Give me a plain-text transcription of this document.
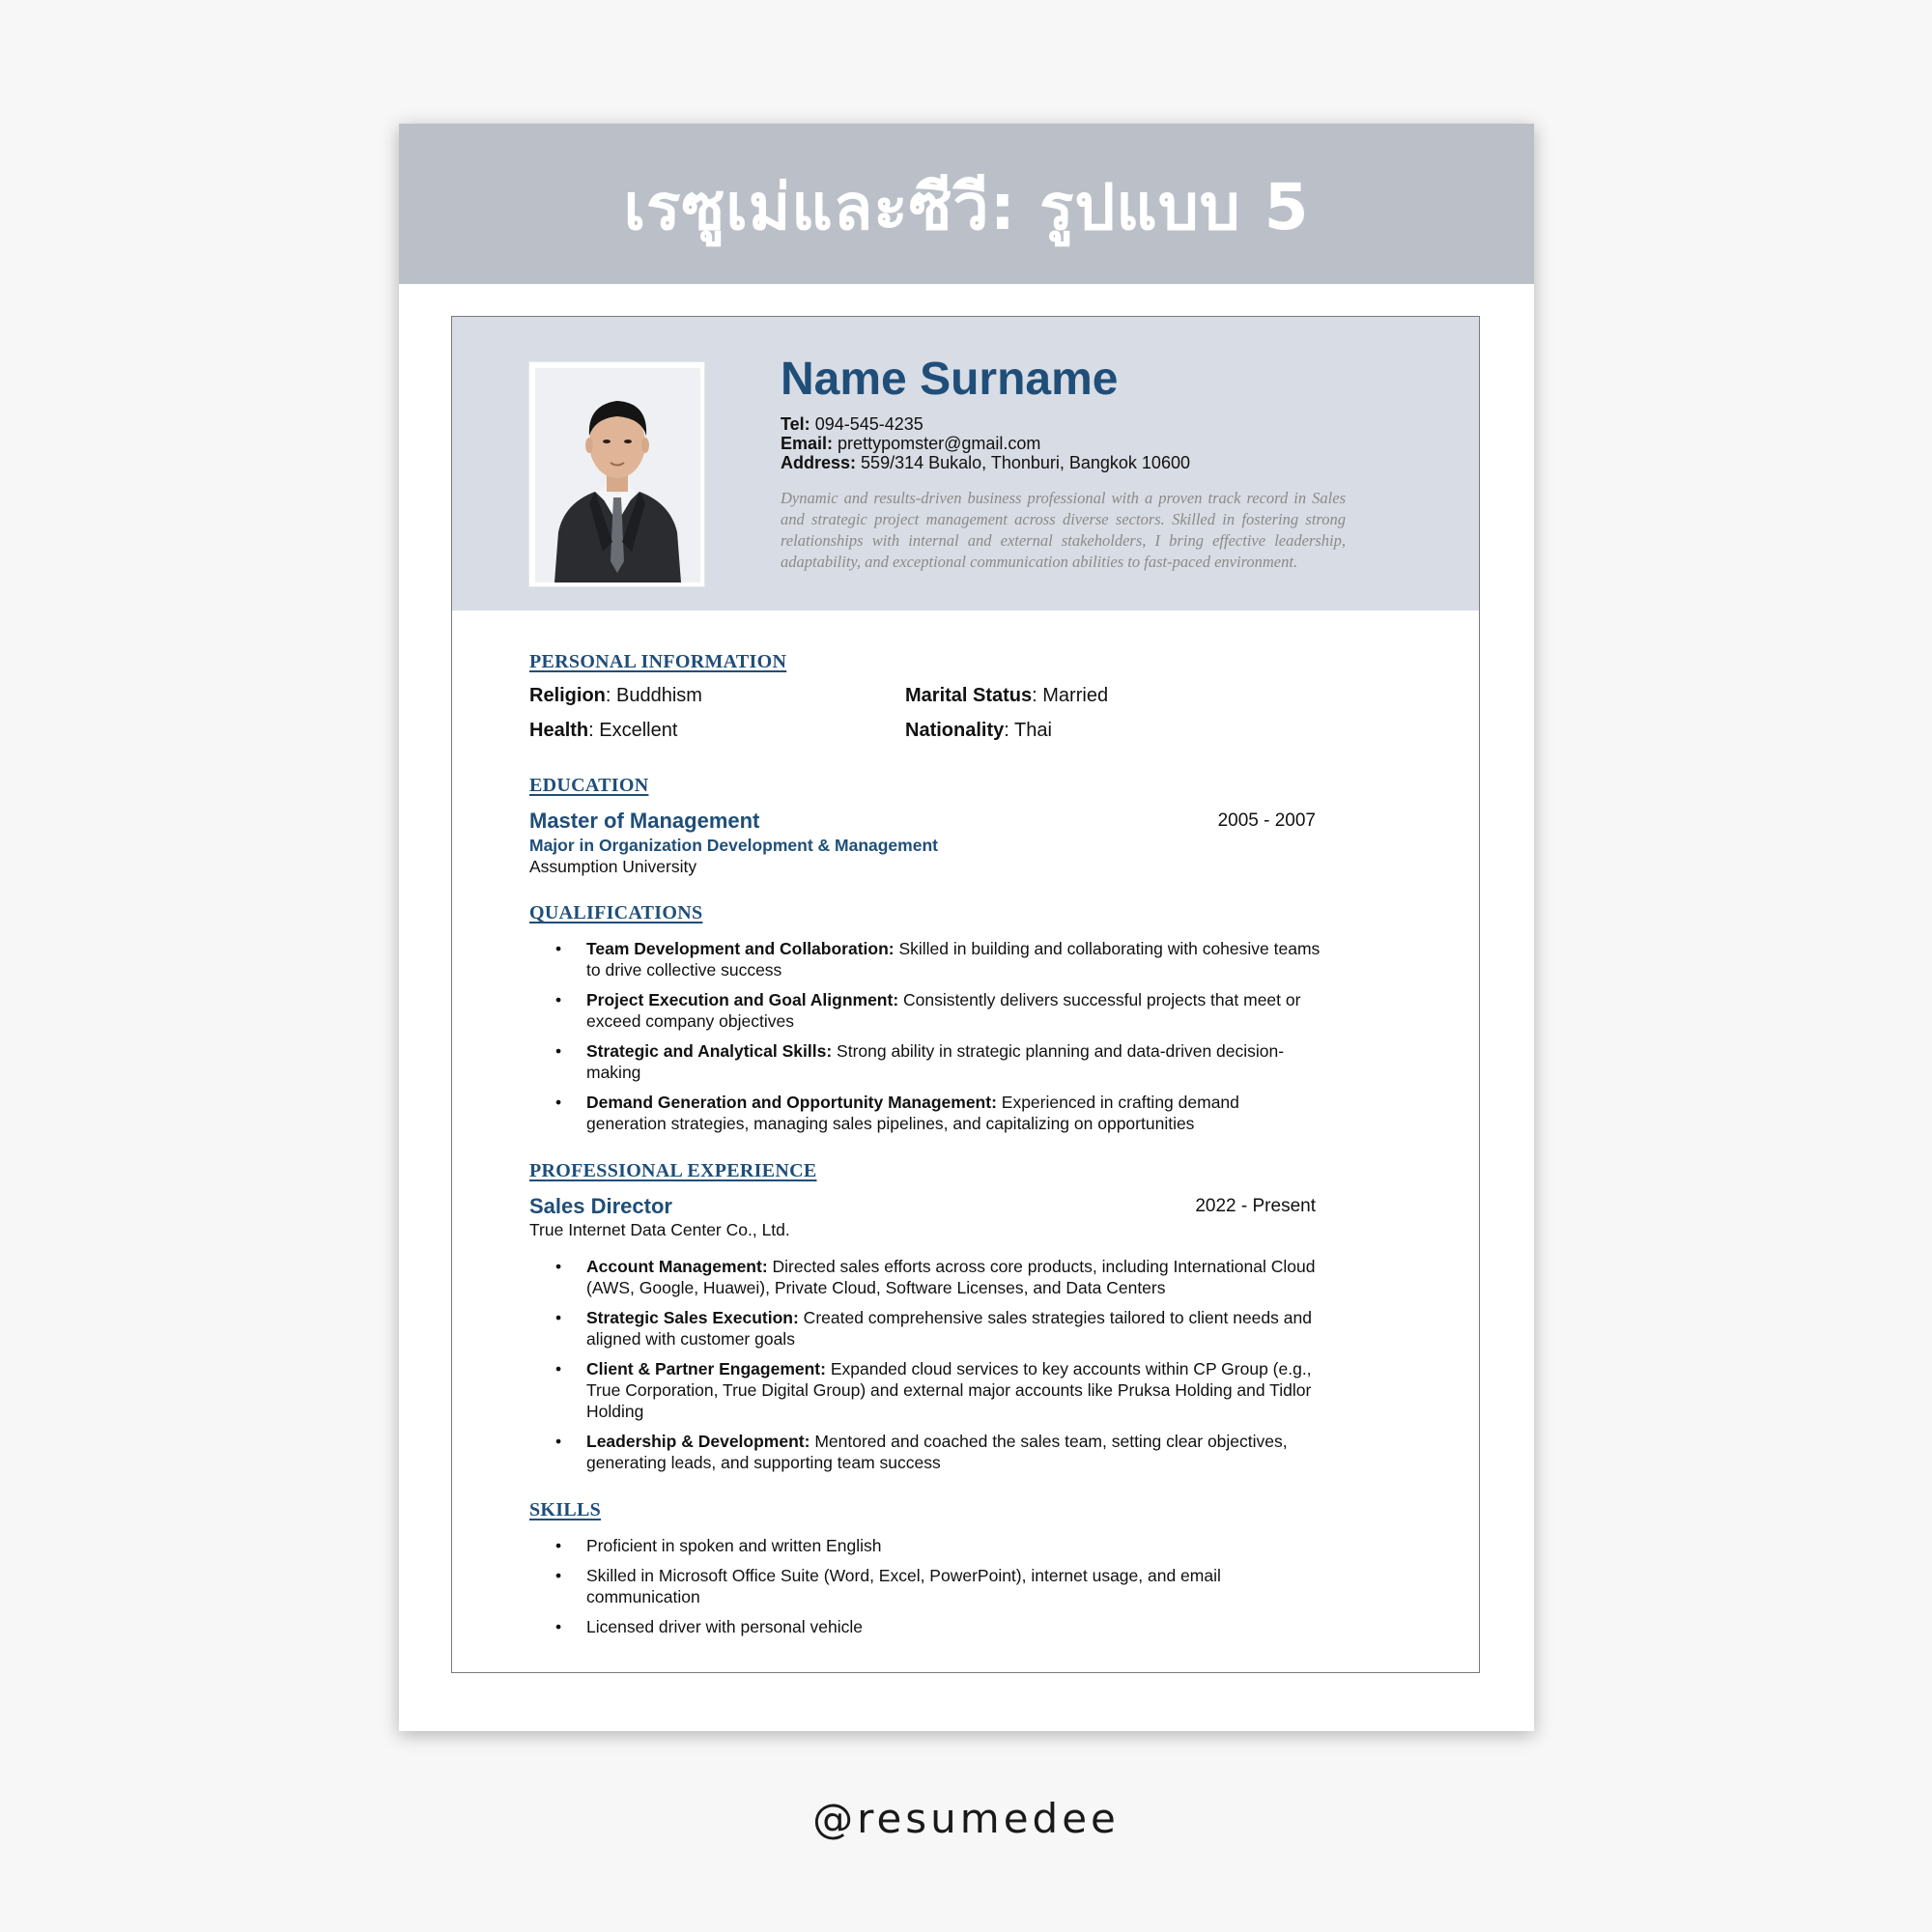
เรซูเม่และซีวี: รูปแบบ 5
Name Surname
Tel: 094-545-4235
Email: prettypomster@gmail.com
Address: 559/314 Bukalo, Thonburi, Bangkok 10600
Dynamic and results-driven business professional with a proven track record in Sales and strategic project management across diverse sectors. Skilled in fostering strong relationships with internal and external stakeholders, I bring effective leadership, adaptability, and exceptional communication abilities to fast-paced environment.
PERSONAL INFORMATION
Religion: Buddhism	Marital Status: Married
Health: Excellent	Nationality: Thai
EDUCATION
Master of Management	2005 - 2007
Major in Organization Development & Management
Assumption University
QUALIFICATIONS
• Team Development and Collaboration: Skilled in building and collaborating with cohesive teams to drive collective success
• Project Execution and Goal Alignment: Consistently delivers successful projects that meet or exceed company objectives
• Strategic and Analytical Skills: Strong ability in strategic planning and data-driven decision-making
• Demand Generation and Opportunity Management: Experienced in crafting demand generation strategies, managing sales pipelines, and capitalizing on opportunities
PROFESSIONAL EXPERIENCE
Sales Director	2022 - Present
True Internet Data Center Co., Ltd.
• Account Management: Directed sales efforts across core products, including International Cloud (AWS, Google, Huawei), Private Cloud, Software Licenses, and Data Centers
• Strategic Sales Execution: Created comprehensive sales strategies tailored to client needs and aligned with customer goals
• Client & Partner Engagement: Expanded cloud services to key accounts within CP Group (e.g., True Corporation, True Digital Group) and external major accounts like Pruksa Holding and Tidlor Holding
• Leadership & Development: Mentored and coached the sales team, setting clear objectives, generating leads, and supporting team success
SKILLS
• Proficient in spoken and written English
• Skilled in Microsoft Office Suite (Word, Excel, PowerPoint), internet usage, and email communication
• Licensed driver with personal vehicle
@resumedee
